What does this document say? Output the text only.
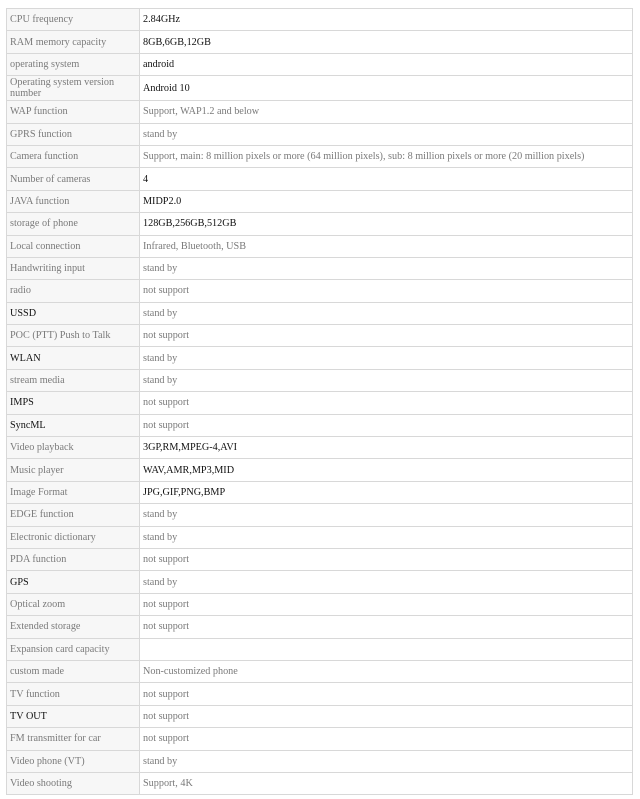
CPU frequency	2.84GHz
RAM memory capacity	8GB,6GB,12GB
operating system	android
Operating system version number	Android 10
WAP function	Support, WAP1.2 and below
GPRS function	stand by
Camera function	Support, main: 8 million pixels or more (64 million pixels), sub: 8 million pixels or more (20 million pixels)
Number of cameras	4
JAVA function	MIDP2.0
storage of phone	128GB,256GB,512GB
Local connection	Infrared, Bluetooth, USB
Handwriting input	stand by
radio	not support
USSD	stand by
POC (PTT) Push to Talk	not support
WLAN	stand by
stream media	stand by
IMPS	not support
SyncML	not support
Video playback	3GP,RM,MPEG-4,AVI
Music player	WAV,AMR,MP3,MID
Image Format	JPG,GIF,PNG,BMP
EDGE function	stand by
Electronic dictionary	stand by
PDA function	not support
GPS	stand by
Optical zoom	not support
Extended storage	not support
Expansion card capacity	
custom made	Non-customized phone
TV function	not support
TV OUT	not support
FM transmitter for car	not support
Video phone (VT)	stand by
Video shooting	Support, 4K
